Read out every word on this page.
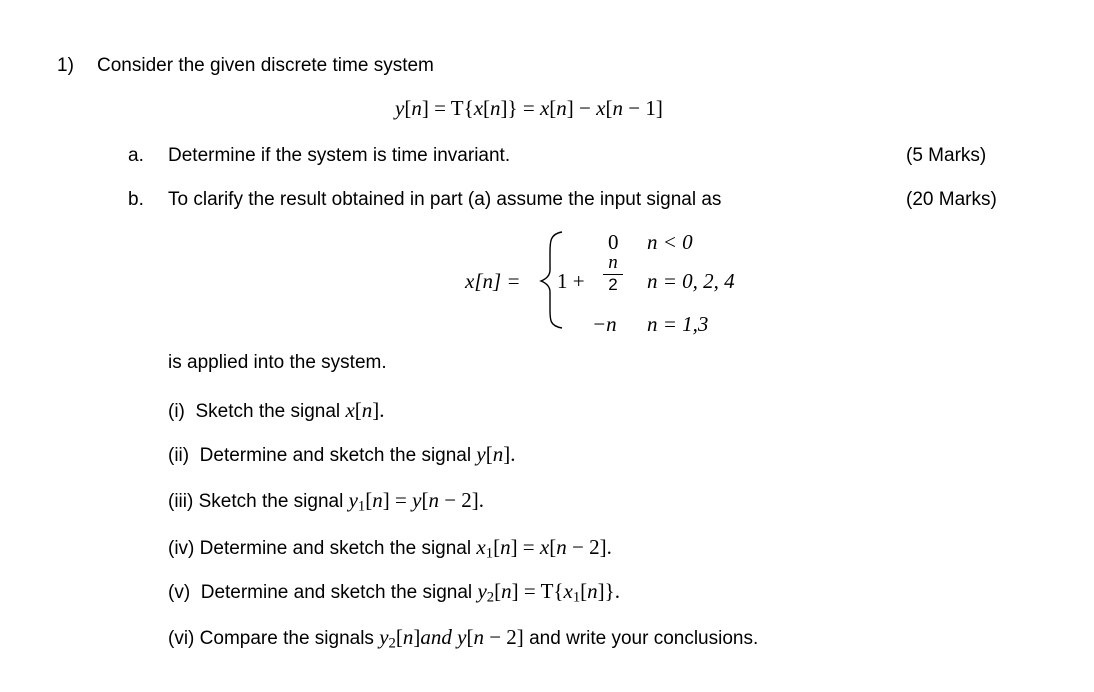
1) Consider the given discrete time system
y[n] = T{x[n]} = x[n] − x[n − 1]
a. Determine if the system is time invariant.	(5 Marks)
b. To clarify the result obtained in part (a) assume the input signal as	(20 Marks)
x[n] =
0 n < 0
1 +
n
2 n = 0, 2, 4
−n n = 1,3
is applied into the system.
(i) Sketch the signal x[n].
(ii) Determine and sketch the signal y[n].
(iii) Sketch the signal $y_1[n] = y[n - 2]$.
(iv) Determine and sketch the signal $x_1[n] = x[n - 2]$.
(v) Determine and sketch the signal $y_2[n] = T\{x_1[n]\}$.
(vi) Compare the signals $y_2[n]and$ y[n − 2] and write your conclusions.
